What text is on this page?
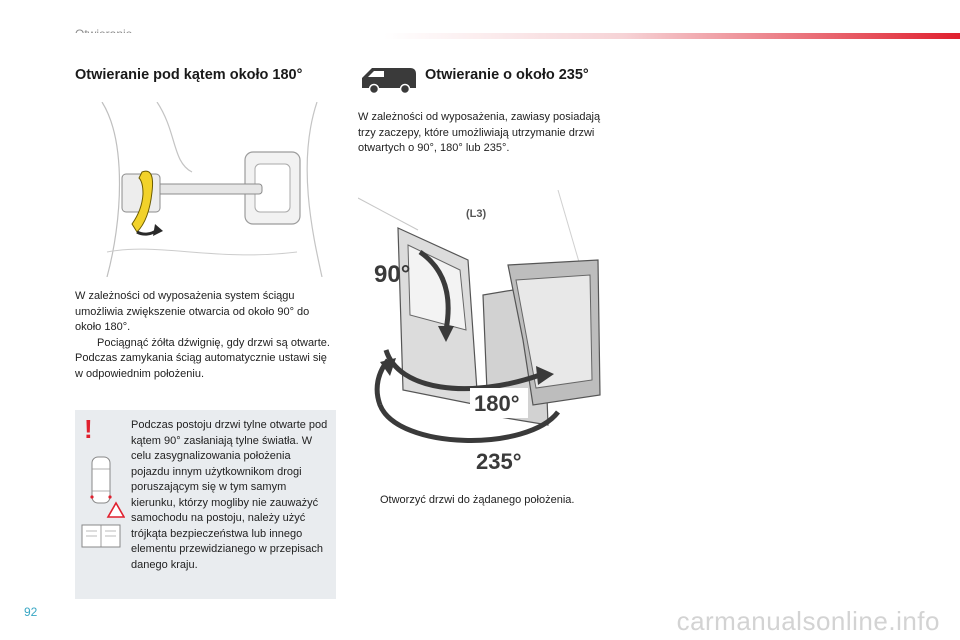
Otwieranie pod kątem około 180°

W zależności od wyposażenia system ściągu umożliwia zwiększenie otwarcia od około 90° do około 180°.

Pociągnąć żółta dźwignię, gdy drzwi są otwarte.

Podczas zamykania ściąg automatycznie ustawi się w odpowiednim położeniu.

!	Podczas postoju drzwi tylne otwarte pod kątem 90° zasłaniają tylne światła. W celu zasygnalizowania położenia pojazdu innym użytkownikom drogi poruszającym się w tym samym kierunku, którzy mogliby nie zauważyć samochodu na postoju, należy użyć trójkąta bezpieczeństwa lub innego elementu przewidzianego w przepisach danego kraju.
Otwieranie o około 235°
W zależności od wyposażenia, zawiasy posiadają trzy zaczepy, które umożliwiają utrzymanie drzwi otwartych o 90°, 180° lub 235°.
(L3)
90°
180°
235°
Otworzyć drzwi do żądanego położenia.
92	carmanualsonline.info
